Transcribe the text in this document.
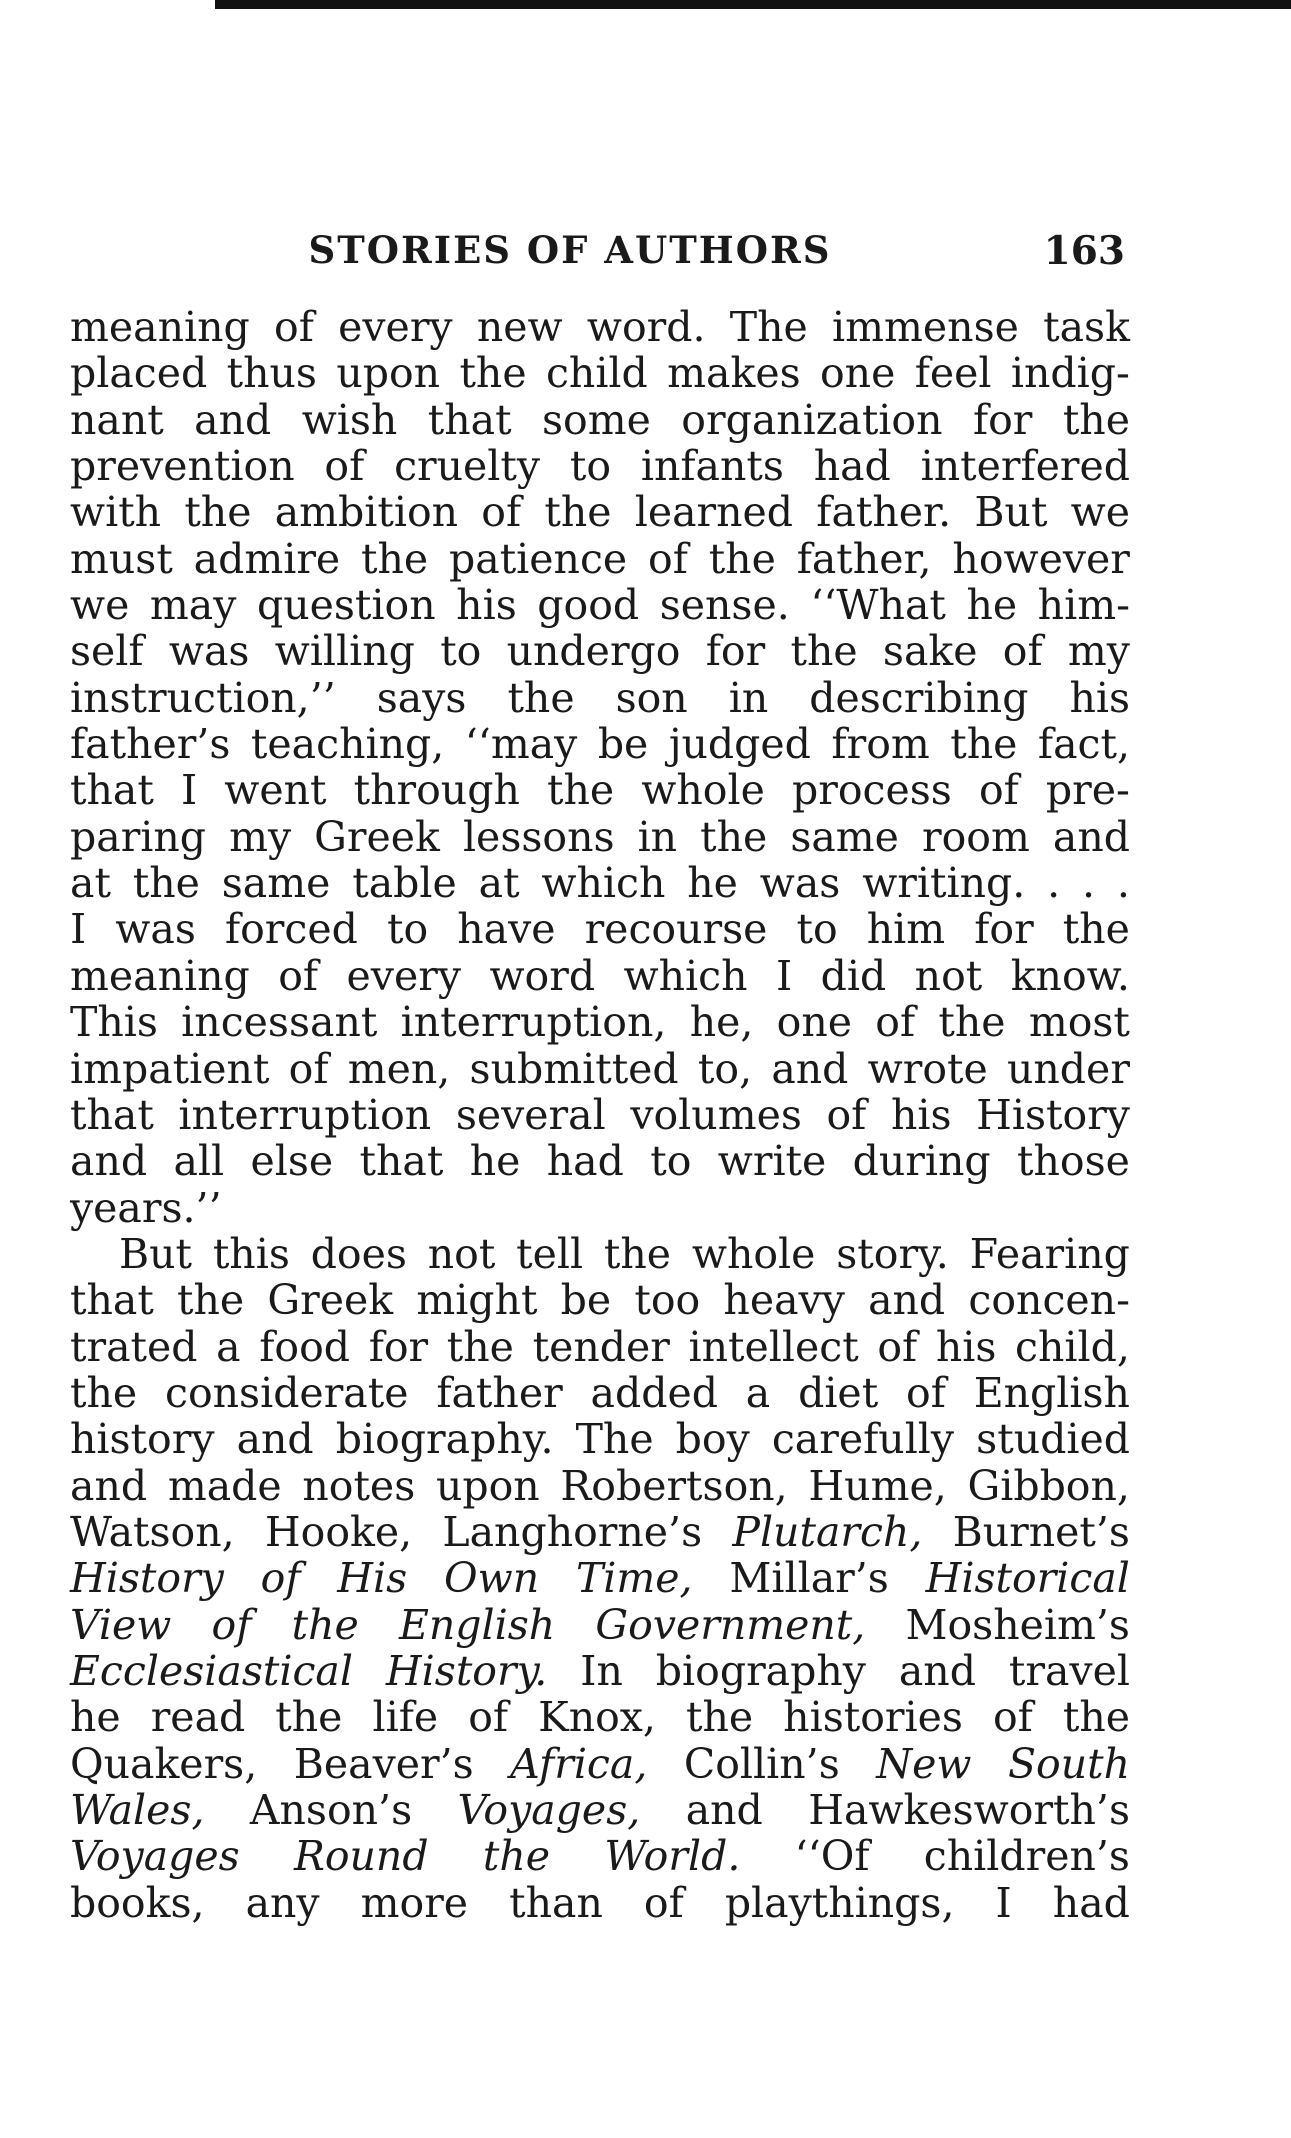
STORIES OF AUTHORS	163
meaning of every new word. The immense task
placed thus upon the child makes one feel indig-
nant and wish that some organization for the
prevention of cruelty to infants had interfered
with the ambition of the learned father. But we
must admire the patience of the father, however
we may question his good sense. ‘‘What he him-
self was willing to undergo for the sake of my
instruction,’’ says the son in describing his
father’s teaching, ‘‘may be judged from the fact,
that I went through the whole process of pre-
paring my Greek lessons in the same room and
at the same table at which he was writing. . . .
I was forced to have recourse to him for the
meaning of every word which I did not know.
This incessant interruption, he, one of the most
impatient of men, submitted to, and wrote under
that interruption several volumes of his History
and all else that he had to write during those
years.’’
But this does not tell the whole story. Fearing
that the Greek might be too heavy and concen-
trated a food for the tender intellect of his child,
the considerate father added a diet of English
history and biography. The boy carefully studied
and made notes upon Robertson, Hume, Gibbon,
Watson, Hooke, Langhorne’s Plutarch, Burnet’s
History of His Own Time, Millar’s Historical
View of the English Government, Mosheim’s
Ecclesiastical History. In biography and travel
he read the life of Knox, the histories of the
Quakers, Beaver’s Africa, Collin’s New South
Wales, Anson’s Voyages, and Hawkesworth’s
Voyages Round the World. ‘‘Of children’s
books, any more than of playthings, I had
